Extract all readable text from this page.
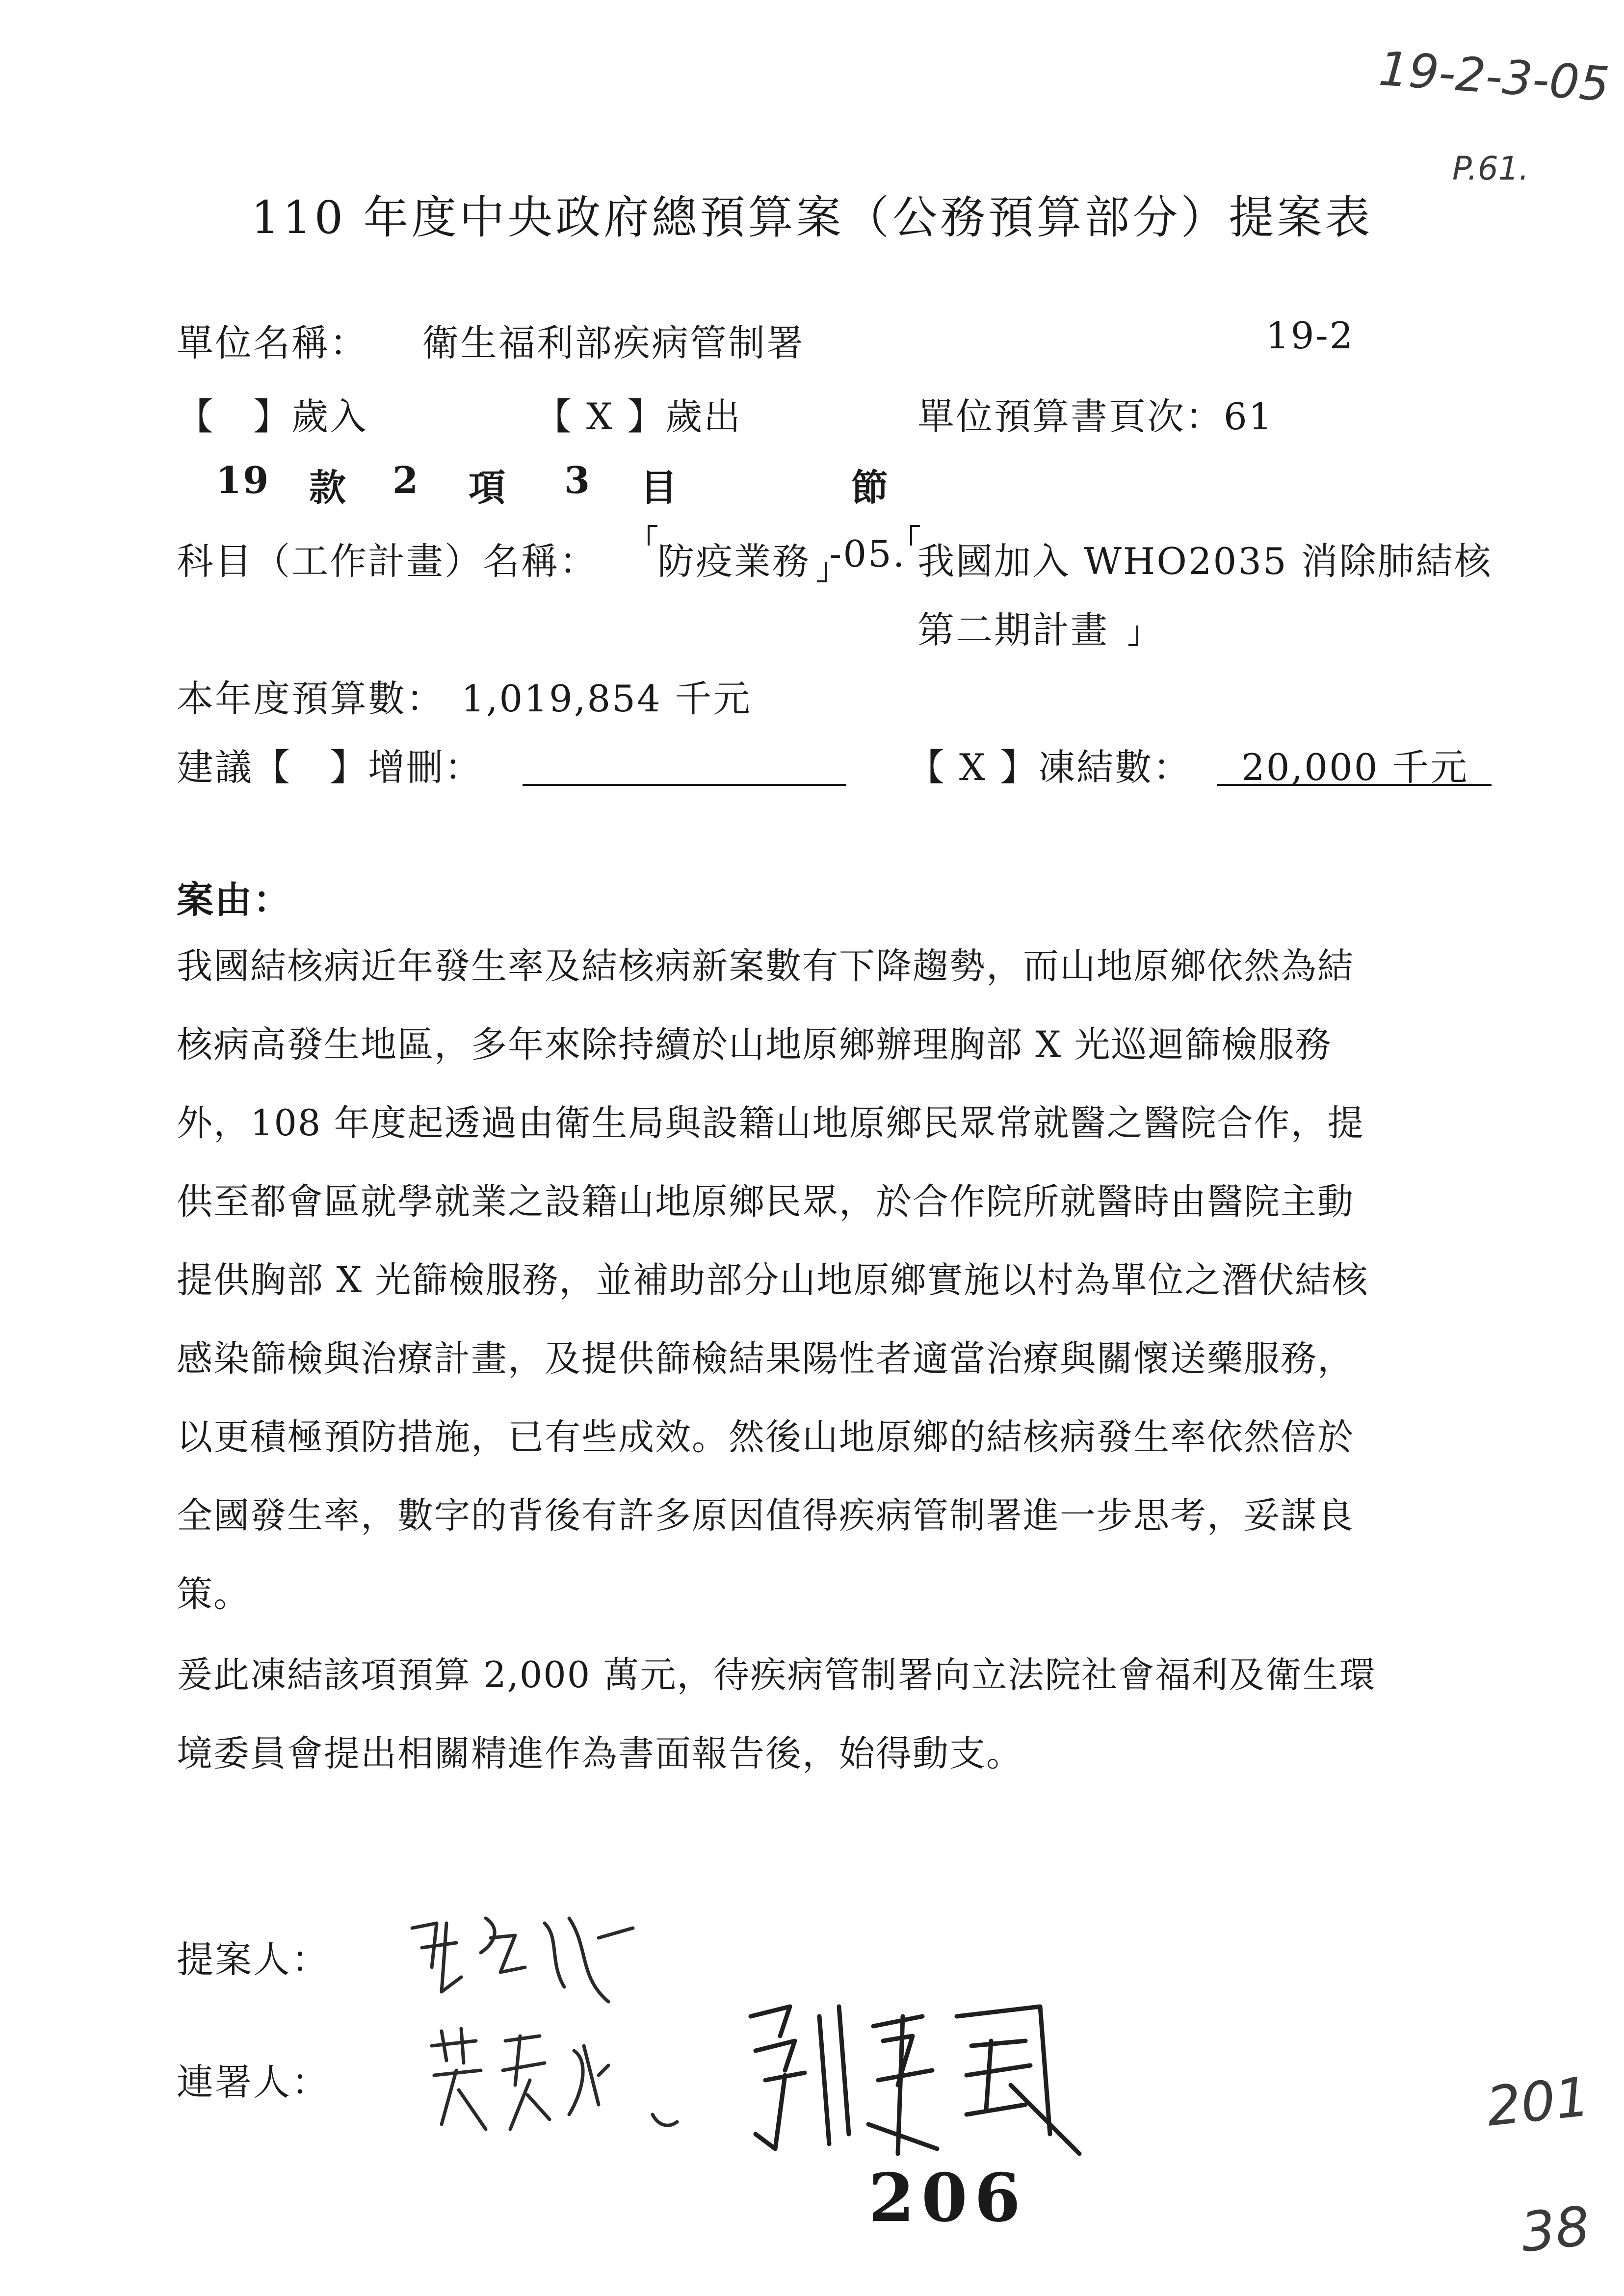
19-2-3-05
P.61.
110 年度中央政府總預算案（公務預算部分）提案表
單位名稱： 衛生福利部疾病管制署	19-2
【　】歲入	【 X 】歲出	單位預算書頁次：61
19 款 2 項 3 目	節
科目（工作計畫）名稱： 防疫業務 -05. 我國加入 WHO2035 消除肺結核
第二期計畫
本年度預算數： 1,019,854 千元
建議【　】增刪：	【 X 】凍結數： 20,000 千元
案由：
我國結核病近年發生率及結核病新案數有下降趨勢，而山地原鄉依然為結
核病高發生地區，多年來除持續於山地原鄉辦理胸部 X 光巡迴篩檢服務
外，108 年度起透過由衛生局與設籍山地原鄉民眾常就醫之醫院合作，提
供至都會區就學就業之設籍山地原鄉民眾，於合作院所就醫時由醫院主動
提供胸部 X 光篩檢服務，並補助部分山地原鄉實施以村為單位之潛伏結核
感染篩檢與治療計畫，及提供篩檢結果陽性者適當治療與關懷送藥服務，
以更積極預防措施，已有些成效。然後山地原鄉的結核病發生率依然倍於
全國發生率，數字的背後有許多原因值得疾病管制署進一步思考，妥謀良
策。
爰此凍結該項預算 2,000 萬元，待疾病管制署向立法院社會福利及衛生環
境委員會提出相關精進作為書面報告後，始得動支。
提案人：
連署人：	201
38
206
